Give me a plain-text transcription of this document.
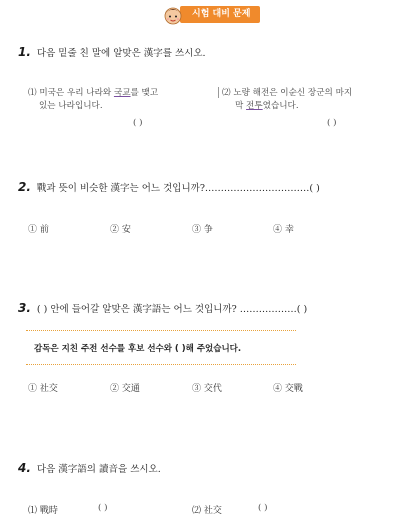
시험 대비 문제
1. 다음 밑줄 친 말에 알맞은 漢字를 쓰시오.
⑴ 미국은 우리 나라와 국교를 맺고
있는 나라입니다.
( )
⑵ 노량 해전은 이순신 장군의 마지
막 전투였습니다.
( )
2. 戰과 뜻이 비슷한 漢字는 어느 것입니까?……………………………( )
① 前	② 安	③ 争	④ 幸
3. ( ) 안에 들어갈 알맞은 漢字語는 어느 것입니까? ………………( )
감독은 지친 주전 선수를 후보 선수와 ( )해 주었습니다.
① 社交	② 交通	③ 交代	④ 交戰
4. 다음 漢字語의 讀音을 쓰시오.
⑴ 戰時	( )	⑵ 社交	( )
